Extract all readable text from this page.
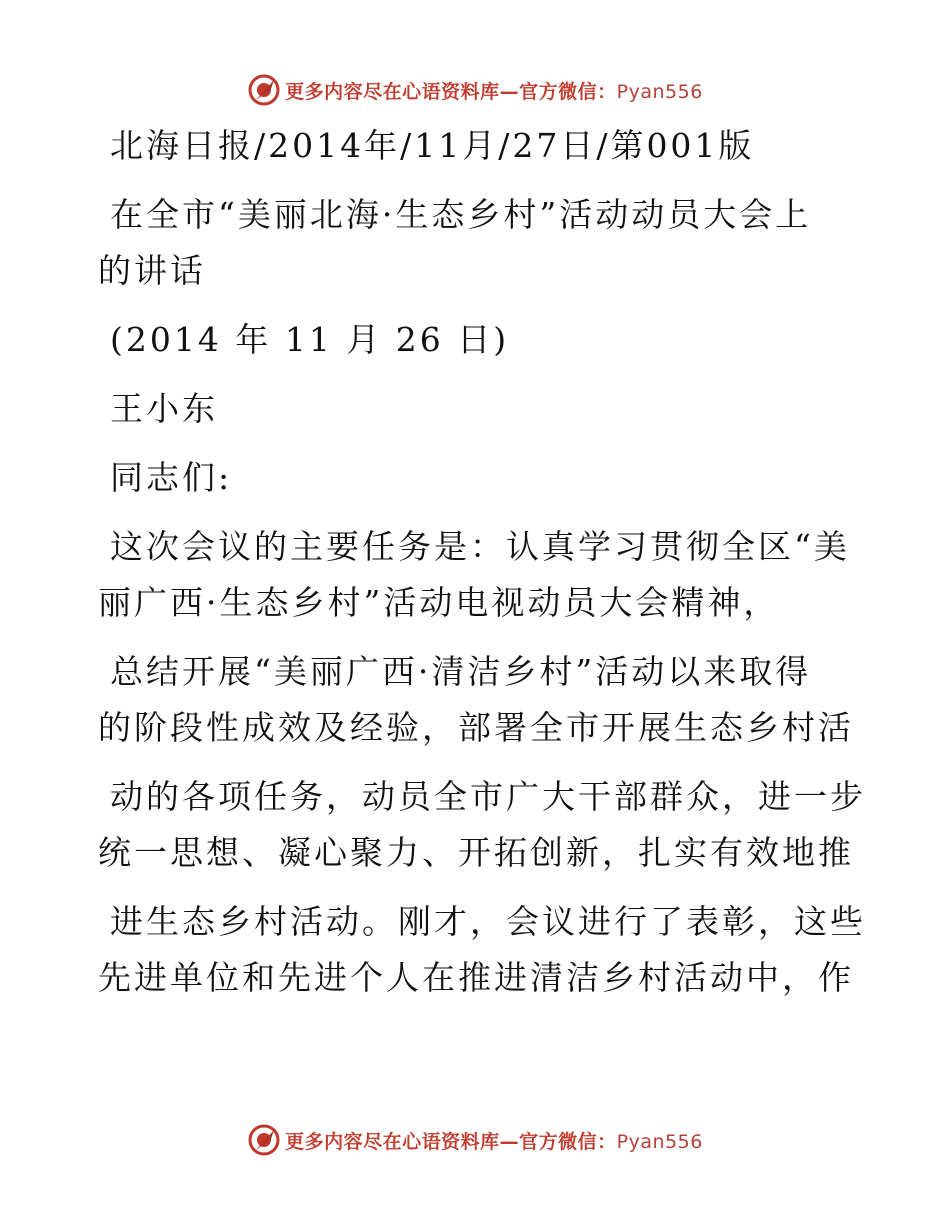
更多内容尽在心语资料库—官方微信：Pyan556
北海日报/2014年/11月/27日/第001版
在全市“美丽北海·生态乡村”活动动员大会上
的讲话
(2014 年 11 月 26 日)
王小东
同志们:
这次会议的主要任务是：认真学习贯彻全区“美
丽广西·生态乡村”活动电视动员大会精神，
总结开展“美丽广西·清洁乡村”活动以来取得
的阶段性成效及经验，部署全市开展生态乡村活
动的各项任务，动员全市广大干部群众，进一步
统一思想、凝心聚力、开拓创新，扎实有效地推
进生态乡村活动。刚才，会议进行了表彰，这些
先进单位和先进个人在推进清洁乡村活动中，作
更多内容尽在心语资料库—官方微信：Pyan556
